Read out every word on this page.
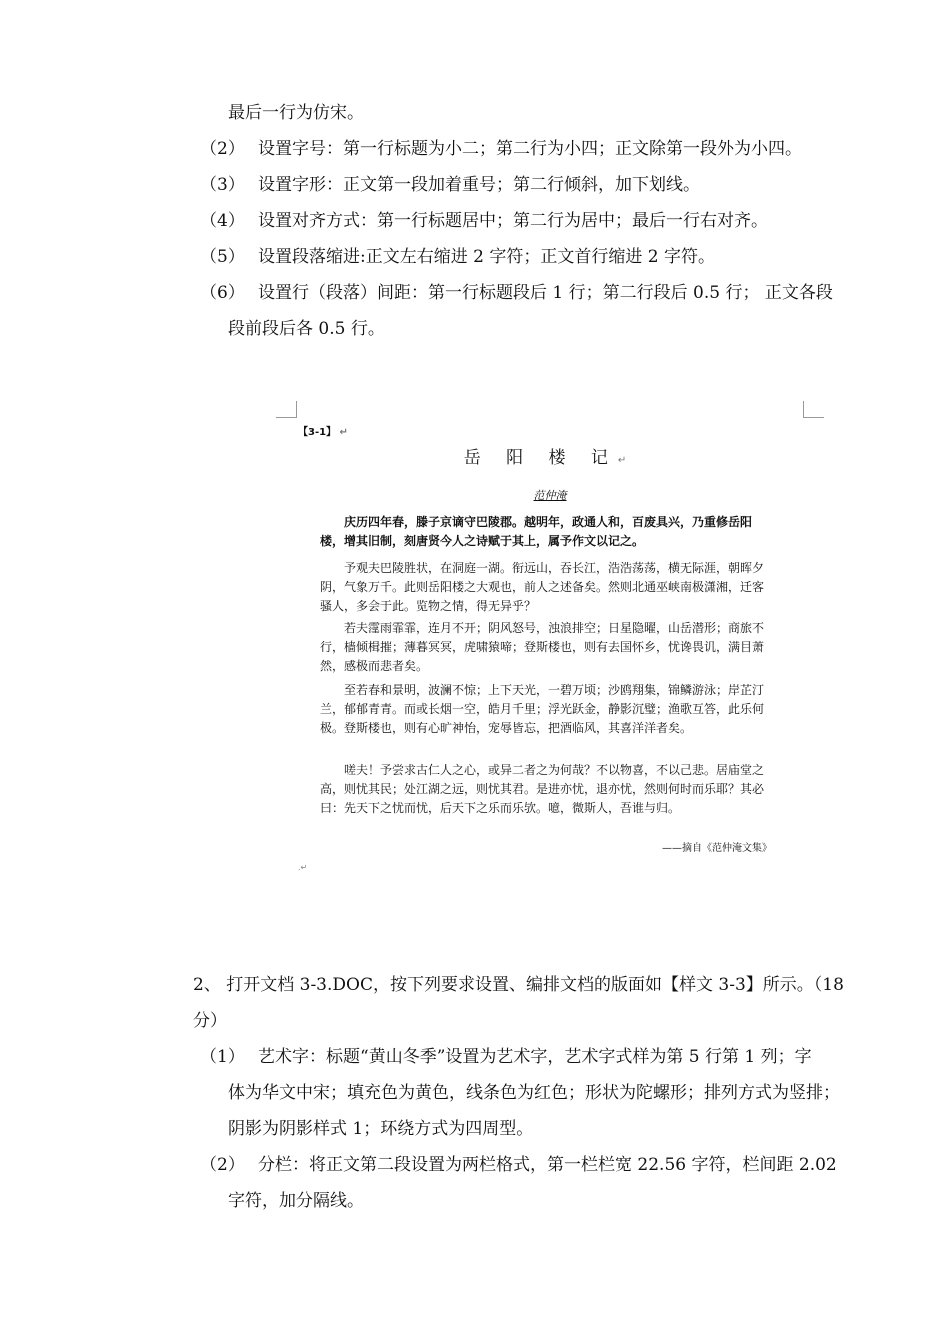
最后一行为仿宋。
（2） 设置字号：第一行标题为小二；第二行为小四；正文除第一段外为小四。
（3） 设置字形：正文第一段加着重号；第二行倾斜，加下划线。
（4） 设置对齐方式：第一行标题居中；第二行为居中；最后一行右对齐。
（5） 设置段落缩进:正文左右缩进 2 字符；正文首行缩进 2 字符。
（6） 设置行（段落）间距：第一行标题段后 1 行；第二行段后 0.5 行； 正文各段
段前段后各 0.5 行。
【3-1】 ↵
岳 阳 楼 记↵
范仲淹
庆历四年春，滕子京谪守巴陵郡。越明年，政通人和，百废具兴，乃重修岳阳楼，增其旧制，刻唐贤今人之诗赋于其上，属予作文以记之。
予观夫巴陵胜状，在洞庭一湖。衔远山，吞长江，浩浩荡荡，横无际涯，朝晖夕阴，气象万千。此则岳阳楼之大观也，前人之述备矣。然则北通巫峡南极潇湘，迁客骚人，多会于此。览物之情，得无异乎？
若夫霪雨霏霏，连月不开；阴风怒号，浊浪排空；日星隐曜，山岳潜形；商旅不行，樯倾楫摧；薄暮冥冥，虎啸猿啼；登斯楼也，则有去国怀乡，忧谗畏讥，满目萧然，感极而悲者矣。
至若春和景明，波澜不惊；上下天光，一碧万顷；沙鸥翔集，锦鳞游泳；岸芷汀兰，郁郁青青。而或长烟一空，皓月千里；浮光跃金，静影沉璧；渔歌互答，此乐何极。登斯楼也，则有心旷神怡，宠辱皆忘，把酒临风，其喜洋洋者矣。
嗟夫！予尝求古仁人之心，或异二者之为何哉？不以物喜，不以己悲。居庙堂之高，则忧其民；处江湖之远，则忧其君。是进亦忧，退亦忧，然则何时而乐耶？其必曰：先天下之忧而忧，后天下之乐而乐欤。噫，微斯人，吾谁与归。
——摘自《范仲淹文集》
.↵
2、 打开文档 3-3.DOC，按下列要求设置、编排文档的版面如【样文 3-3】所示。（18
分）
（1） 艺术字：标题“黄山冬季”设置为艺术字，艺术字式样为第 5 行第 1 列；字
体为华文中宋；填充色为黄色，线条色为红色；形状为陀螺形；排列方式为竖排；
阴影为阴影样式 1；环绕方式为四周型。
（2） 分栏：将正文第二段设置为两栏格式，第一栏栏宽 22.56 字符，栏间距 2.02
字符，加分隔线。
